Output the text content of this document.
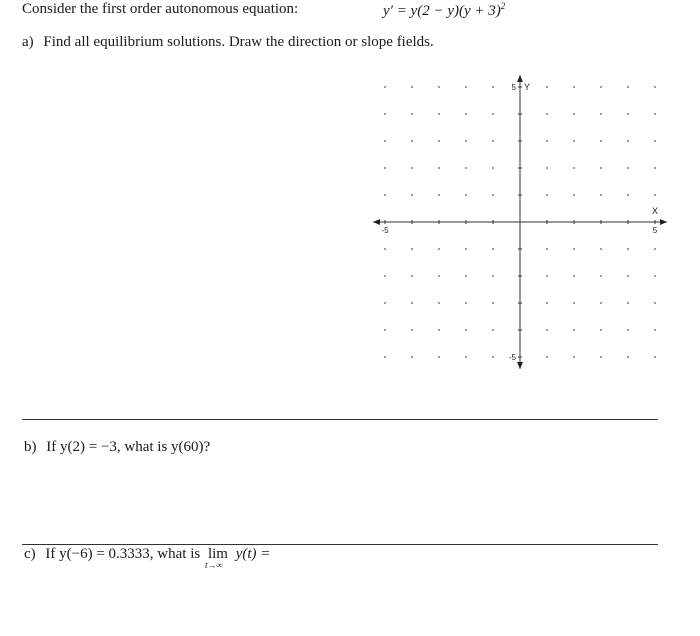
Consider the first order autonomous equation:	$y' = y(2 - y)(y + 3)^2$
a) Find all equilibrium solutions. Draw the direction or slope fields.
-5	5
5
-5
X
Y
b) If y(2) = −3, what is y(60)?
c) If y(−6) = 0.3333, what is lim
t→∞
y(t) =
